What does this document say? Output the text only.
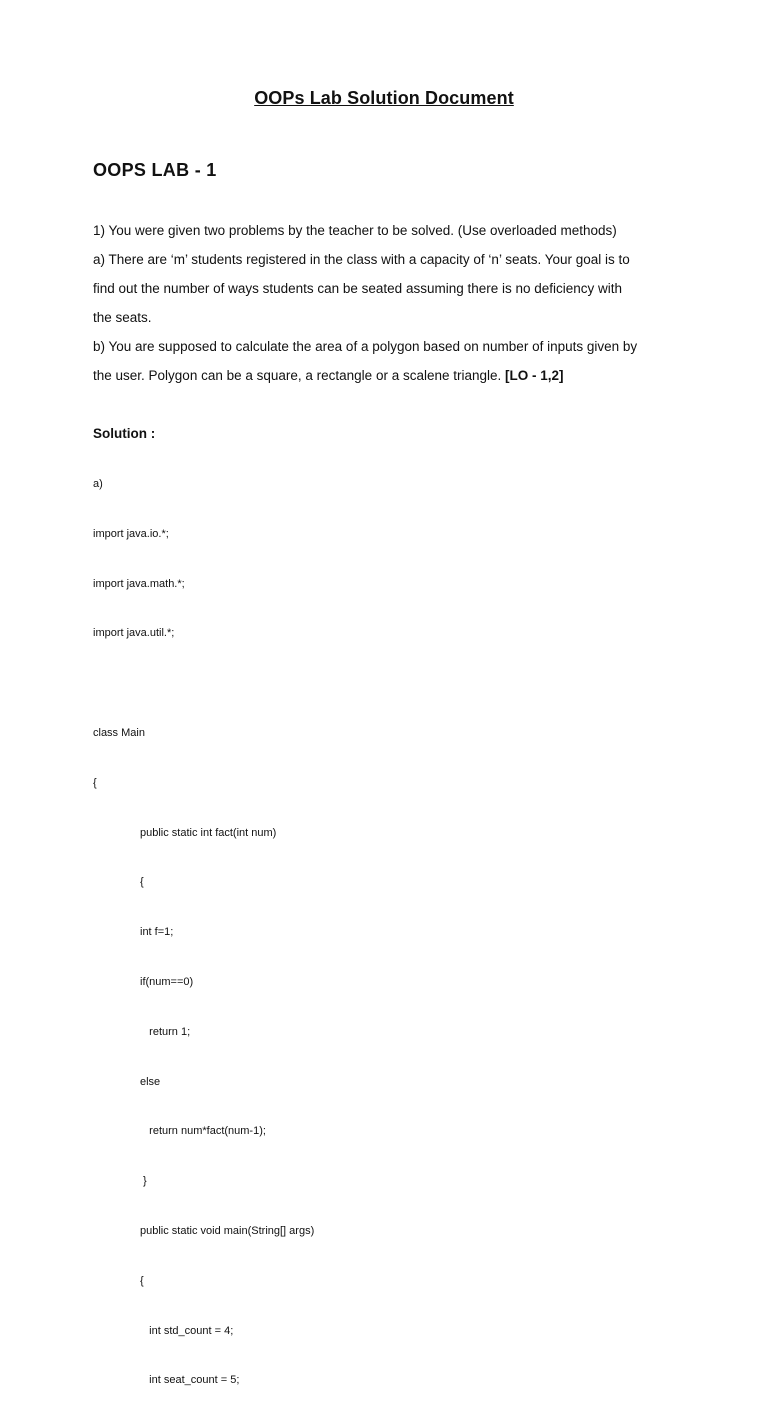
OOPs Lab Solution Document
OOPS LAB - 1
1) You were given two problems by the teacher to be solved. (Use overloaded methods)
a) There are ‘m’ students registered in the class with a capacity of ‘n’ seats. Your goal is to
find out the number of ways students can be seated assuming there is no deficiency with
the seats.
b) You are supposed to calculate the area of a polygon based on number of inputs given by
the user. Polygon can be a square, a rectangle or a scalene triangle. [LO - 1,2]
Solution :

a)

import java.io.*;

import java.math.*;

import java.util.*;

class Main

{

public static int fact(int num)

{

int f=1;

if(num==0)

return 1;

else

return num*fact(num-1);

}

public static void main(String[] args)

{

int std_count = 4;

int seat_count = 5;
